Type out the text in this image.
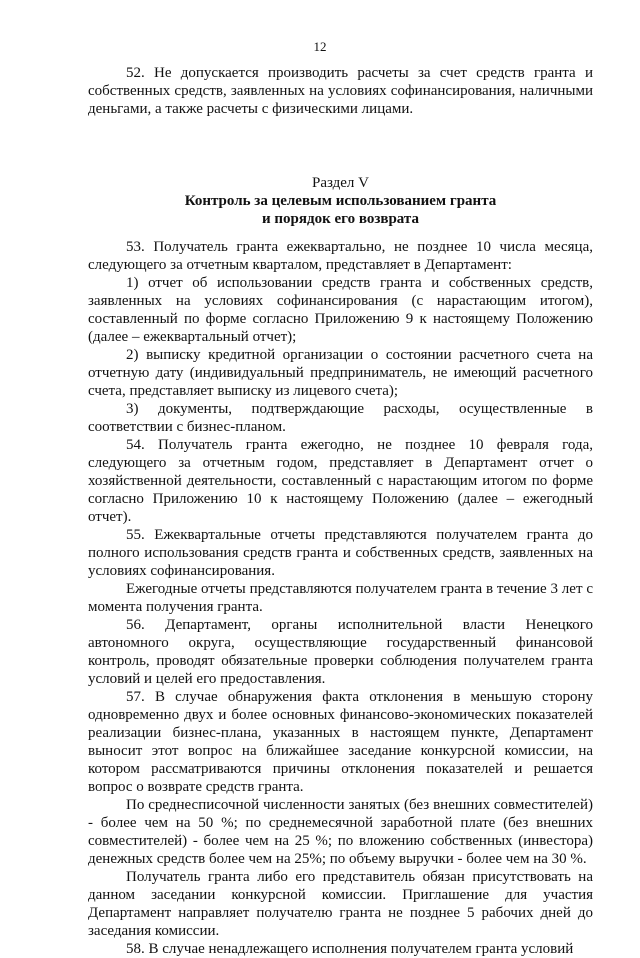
12

52. Не допускается производить расчеты за счет средств гранта и собственных средств, заявленных на условиях софинансирования, наличными деньгами, а также расчеты с физическими лицами.

Раздел V

Контроль за целевым использованием гранта

и порядок его возврата

53. Получатель гранта ежеквартально, не позднее 10 числа месяца, следующего за отчетным кварталом, представляет в Департамент:

1) отчет об использовании средств гранта и собственных средств, заявленных на условиях софинансирования (с нарастающим итогом), составленный по форме согласно Приложению 9 к настоящему Положению (далее – ежеквартальный отчет);

2) выписку кредитной организации о состоянии расчетного счета на отчетную дату (индивидуальный предприниматель, не имеющий расчетного счета, представляет выписку из лицевого счета);

3) документы, подтверждающие расходы, осуществленные в соответствии с бизнес-планом.

54. Получатель гранта ежегодно, не позднее 10 февраля года, следующего за отчетным годом, представляет в Департамент отчет о хозяйственной деятельности, составленный с нарастающим итогом по форме согласно Приложению 10 к настоящему Положению (далее – ежегодный отчет).

55. Ежеквартальные отчеты представляются получателем гранта до полного использования средств гранта и собственных средств, заявленных на условиях софинансирования.

Ежегодные отчеты представляются получателем гранта в течение 3 лет с момента получения гранта.

56. Департамент, органы исполнительной власти Ненецкого автономного округа, осуществляющие государственный финансовой контроль, проводят обязательные проверки соблюдения получателем гранта условий и целей его предоставления.

57. В случае обнаружения факта отклонения в меньшую сторону одновременно двух и более основных финансово-экономических показателей реализации бизнес-плана, указанных в настоящем пункте, Департамент выносит этот вопрос на ближайшее заседание конкурсной комиссии, на котором рассматриваются причины отклонения показателей и решается вопрос о возврате средств гранта.

По среднесписочной численности занятых (без внешних совместителей) - более чем на 50 %; по среднемесячной заработной плате (без внешних совместителей) - более чем на 25 %; по вложению собственных (инвестора) денежных средств более чем на 25%; по объему выручки - более чем на 30 %.

Получатель гранта либо его представитель обязан присутствовать на данном заседании конкурсной комиссии. Приглашение для участия Департамент направляет получателю гранта не позднее 5 рабочих дней до заседания комиссии.

58. В случае ненадлежащего исполнения получателем гранта условий
